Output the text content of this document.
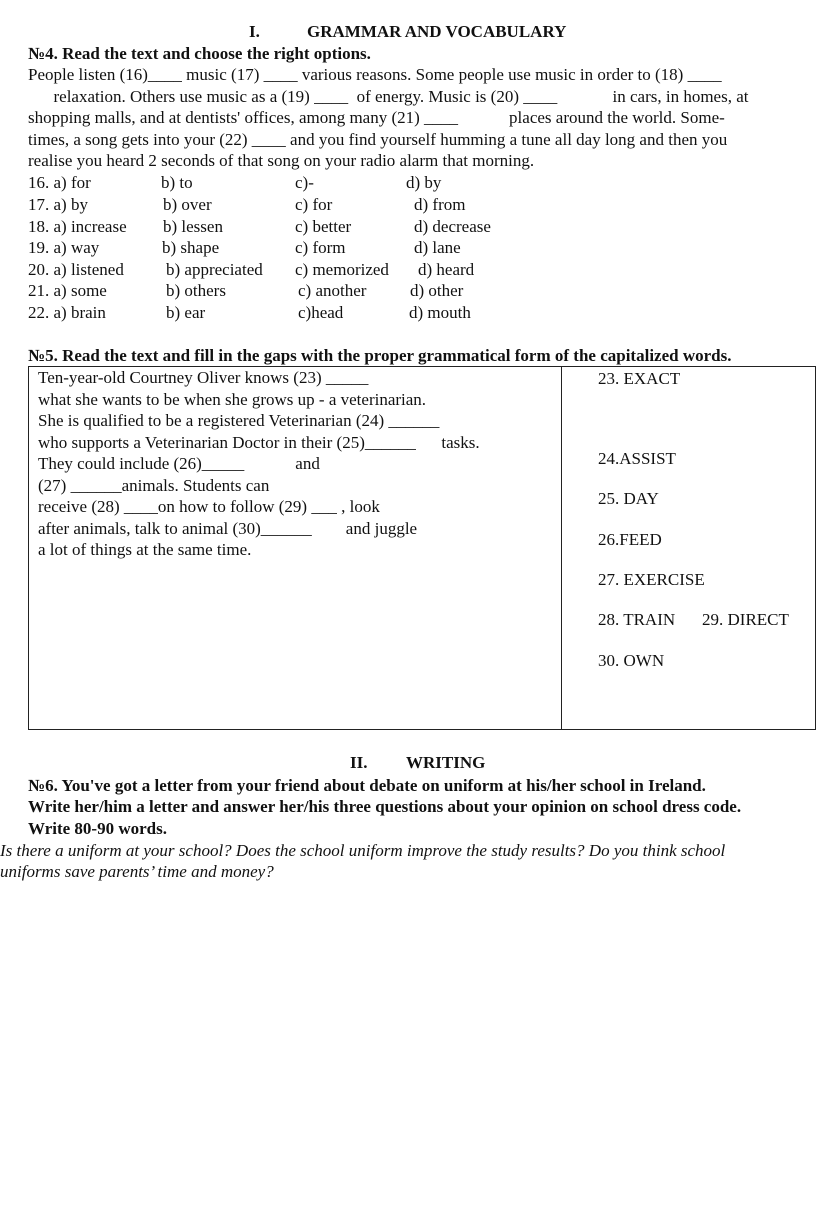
I.	GRAMMAR AND VOCABULARY
№4. Read the text and choose the right options.
People listen (16)____ music (17) ____ various reasons. Some people use music in order to (18) ____
relaxation. Others use music as a (19) ____  of energy. Music is (20) ____             in cars, in homes, at
shopping malls, and at dentists' offices, among many (21) ____            places around the world. Some-
times, a song gets into your (22) ____ and you find yourself humming a tune all day long and then you
realise you heard 2 seconds of that song on your radio alarm that morning.
16. a) for	b) to	c)-	d) by
17. a) by	b) over	c) for	d) from
18. a) increase b) lessen	c) better	d) decrease
19. a) way	b) shape	c) form	d) lane
20. a) listened b) appreciated c) memorized d) heard
21. a) some	b) others	c) another	d) other
22. a) brain	b) ear	c)head	d) mouth
№5. Read the text and fill in the gaps with the proper grammatical form of the capitalized words.
Ten-year-old Courtney Oliver knows (23) _____
what she wants to be when she grows up - a veterinarian.
She is qualified to be a registered Veterinarian (24) ______
who supports a Veterinarian Doctor in their (25)______      tasks.
They could include (26)_____            and
(27) ______animals. Students can
receive (28) ____on how to follow (29) ___ , look
after animals, talk to animal (30)______        and juggle
a lot of things at the same time.
23. EXACT
24.ASSIST
25. DAY
26.FEED
27. EXERCISE
28. TRAIN 29. DIRECT
30. OWN
II. WRITING
№6. You've got a letter from your friend about debate on uniform at his/her school in Ireland.
Write her/him a letter and answer her/his three questions about your opinion on school dress code.
Write 80-90 words.
Is there a uniform at your school? Does the school uniform improve the study results? Do you think school
uniforms save parents’ time and money?
